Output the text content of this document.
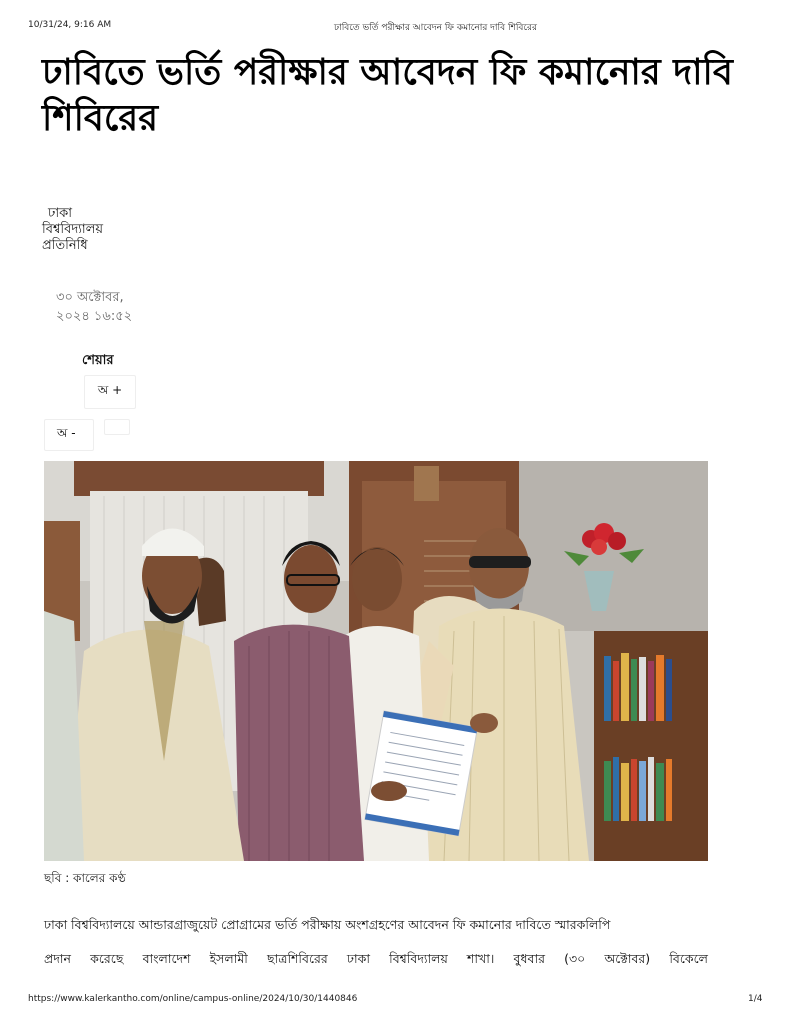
10/31/24, 9:16 AM	ঢাবিতে ভর্তি পরীক্ষার আবেদন ফি কমানোর দাবি শিবিরের
ঢাবিতে ভর্তি পরীক্ষার আবেদন ফি কমানোর দাবি শিবিরের
ঢাকা
বিশ্ববিদ্যালয়
প্রতিনিধি
৩০ অক্টোবর,
২০২৪ ১৬:৫২
শেয়ার
অ +
অ -
ছবি : কালের কণ্ঠ

ঢাকা বিশ্ববিদ্যালয়ে আন্ডারগ্রাজুয়েট প্রোগ্রামের ভর্তি পরীক্ষায় অংশগ্রহণের আবেদন ফি কমানোর দাবিতে স্মারকলিপি
প্রদান করেছে বাংলাদেশ ইসলামী ছাত্রশিবিরের ঢাকা বিশ্ববিদ্যালয় শাখা। বুধবার (৩০ অক্টোবর) বিকেলে

https://www.kalerkantho.com/online/campus-online/2024/10/30/1440846	1/4
